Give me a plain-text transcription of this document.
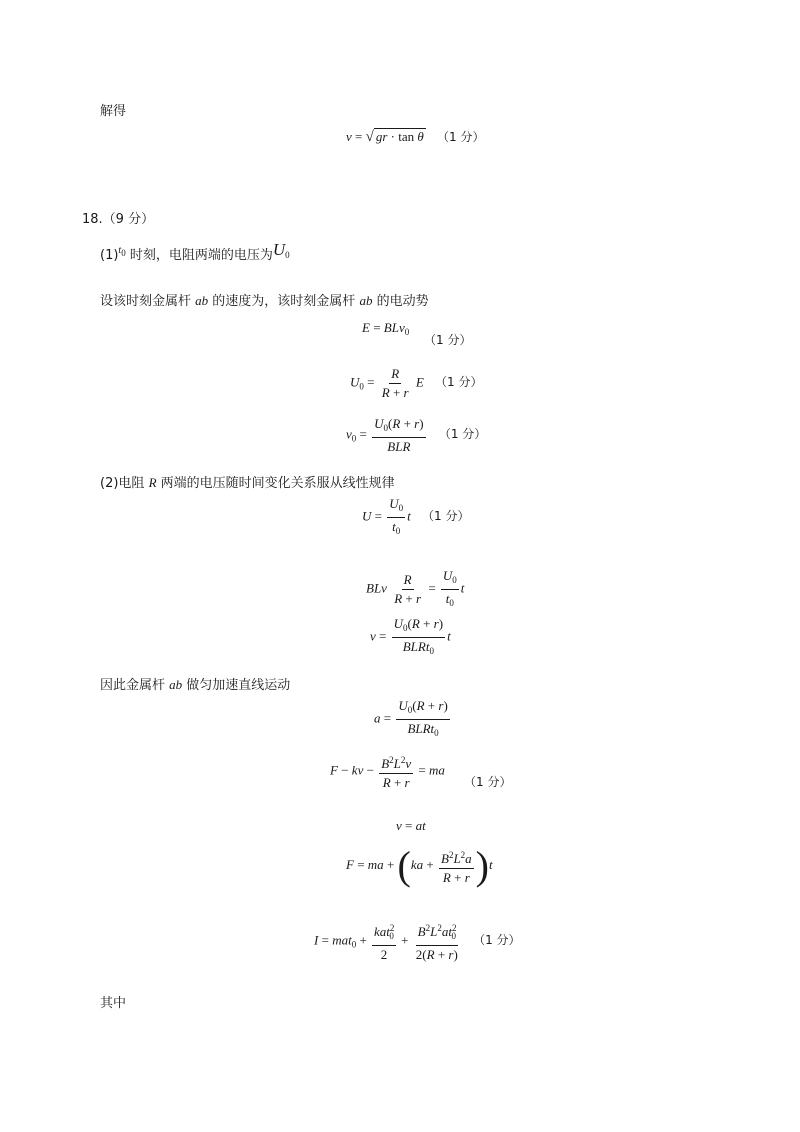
解得
v = √ gr · tan θ （1 分）
18.（9 分）
$(1)^{t0}$ 时刻，电阻两端的电压为$U_0$
设该时刻金属杆 ab 的速度为，该时刻金属杆 ab 的电动势
E = BLv$_0$
（1 分）
$U_0 = \frac{R}{R + r}$ E （1 分）
$v_0 = \frac{U_0(R + r)}{\text{BLR}} (1$ 分）
(2)电阻 R 两端的电压随时间变化关系服从线性规律
$U = \frac{U_0}{t_0}$ t （1 分）
BLv $\frac{R}{R + r} = \frac{U_0}{t_0}$ t
$v = \frac{U_0(R + r)}{BLRt_0}$ t
因此金属杆 ab 做匀加速直线运动
$a = \frac{U_0(R + r)}{BLRt_0}$
F − kv − $\frac{B^2L^2v}{R + r}$ = ma
（1 分）
v = at
F = ma + $(ka + \frac{B^2L^2a}{R + r} )t$
$I = mat_0 + \frac{kat^2_0}{2} + \frac{B^2L^2at^2_0}{2(R + r)} (1$ 分）
其中
